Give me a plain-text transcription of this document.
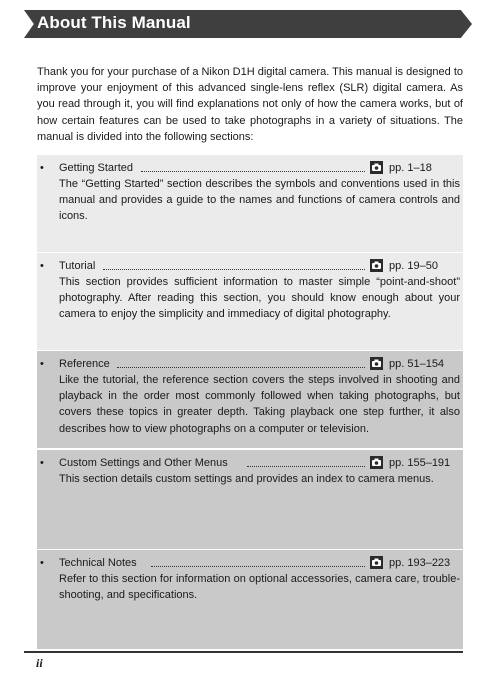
About This Manual
Thank you for your purchase of a Nikon D1H digital camera. This manual is designed to improve your enjoyment of this advanced single-lens reflex (SLR) digital camera. As you read through it, you will find explanations not only of how the camera works, but of how certain features can be used to take photographs in a variety of situations. The manual is divided into the following sections:
• Getting Started	pp. 1–18
The “Getting Started” section describes the symbols and conventions used in this manual and provides a guide to the names and functions of camera controls and icons.
• Tutorial	pp. 19–50
This section provides sufficient information to master simple “point-and-shoot” photography. After reading this section, you should know enough about your camera to enjoy the simplicity and immediacy of digital photography.
• Reference	pp. 51–154
Like the tutorial, the reference section covers the steps involved in shooting and playback in the order most commonly followed when taking photographs, but covers these topics in greater depth. Taking playback one step further, it also describes how to view photographs on a computer or television.
• Custom Settings and Other Menus	pp. 155–191
This section details custom settings and provides an index to camera menus.
• Technical Notes	pp. 193–223
Refer to this section for information on optional accessories, camera care, trouble-shooting, and specifications.
ii
